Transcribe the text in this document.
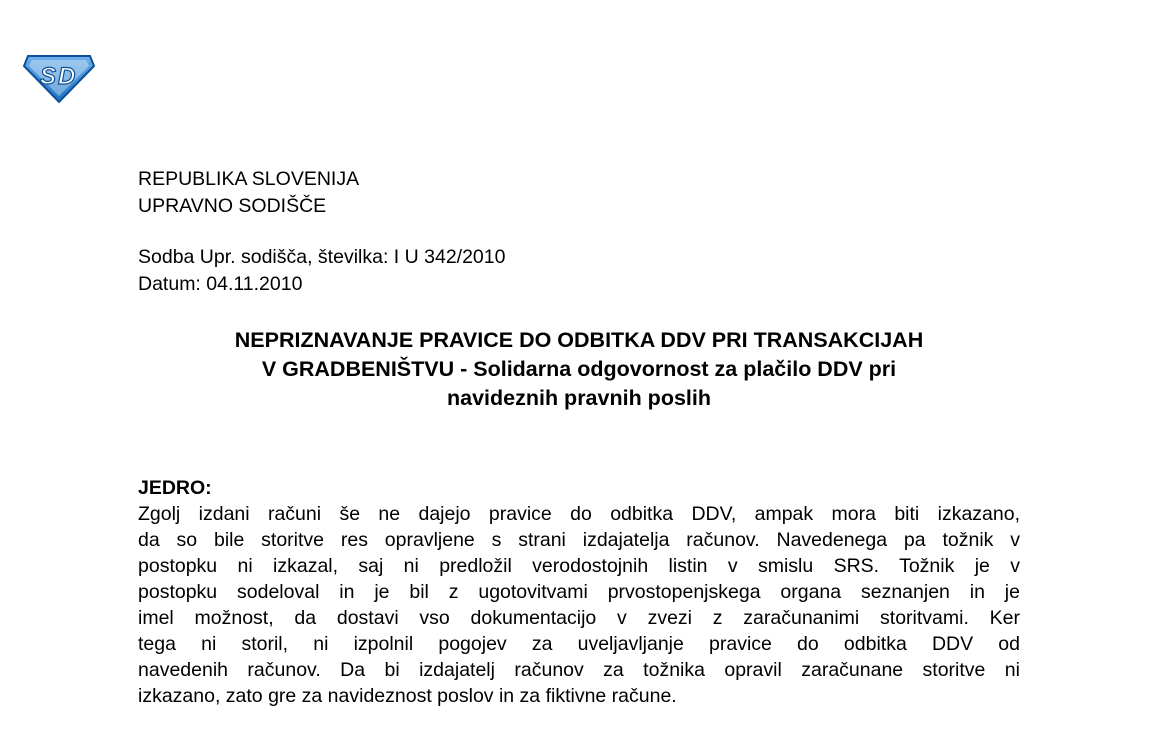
S D
REPUBLIKA SLOVENIJA
UPRAVNO SODIŠČE
Sodba Upr. sodišča, številka: I U 342/2010
Datum: 04.11.2010
NEPRIZNAVANJE PRAVICE DO ODBITKA DDV PRI TRANSAKCIJAH
V GRADBENIŠTVU - Solidarna odgovornost za plačilo DDV pri
navideznih pravnih poslih
JEDRO:
Zgolj izdani računi še ne dajejo pravice do odbitka DDV, ampak mora biti izkazano,
da so bile storitve res opravljene s strani izdajatelja računov. Navedenega pa tožnik v
postopku ni izkazal, saj ni predložil verodostojnih listin v smislu SRS. Tožnik je v
postopku sodeloval in je bil z ugotovitvami prvostopenjskega organa seznanjen in je
imel možnost, da dostavi vso dokumentacijo v zvezi z zaračunanimi storitvami. Ker
tega ni storil, ni izpolnil pogojev za uveljavljanje pravice do odbitka DDV od
navedenih računov. Da bi izdajatelj računov za tožnika opravil zaračunane storitve ni
izkazano, zato gre za navideznost poslov in za fiktivne račune.
